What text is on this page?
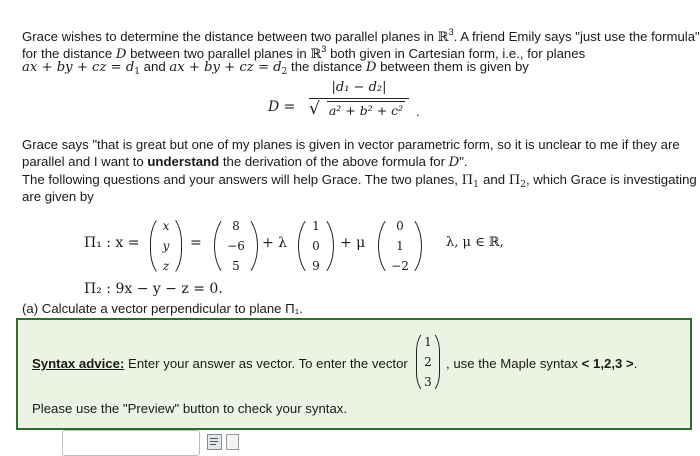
Grace wishes to determine the distance between two parallel planes in ℝ$^3$. A friend Emily says "just use the formula"
for the distance D between two parallel planes in ℝ$^3$ both given in Cartesian form, i.e., for planes
ax + by + cz = $d_1$ and ax + by + cz = $d_2$ the distance D between them is given by
D =
|d₁ − d₂|
√ a² + b² + c² .
Grace says "that is great but one of my planes is given in vector parametric form, so it is unclear to me if they are
parallel and I want to understand the derivation of the above formula for D".
The following questions and your answers will help Grace. The two planes, $\Pi_1$ and $\Pi_2$, which Grace is investigating
are given by
Π₁ : x =
x
y
z
=
8
−6
5
+ λ
1
0
9
+ μ
0
1
−2
λ, μ ∈ ℝ,
Π₂ : 9x − y − z = 0.
(a) Calculate a vector perpendicular to plane Π₁.
Syntax advice: Enter your answer as vector. To enter the vector
1
2
3
, use the Maple syntax < 1,2,3 >.
Please use the "Preview" button to check your syntax.
